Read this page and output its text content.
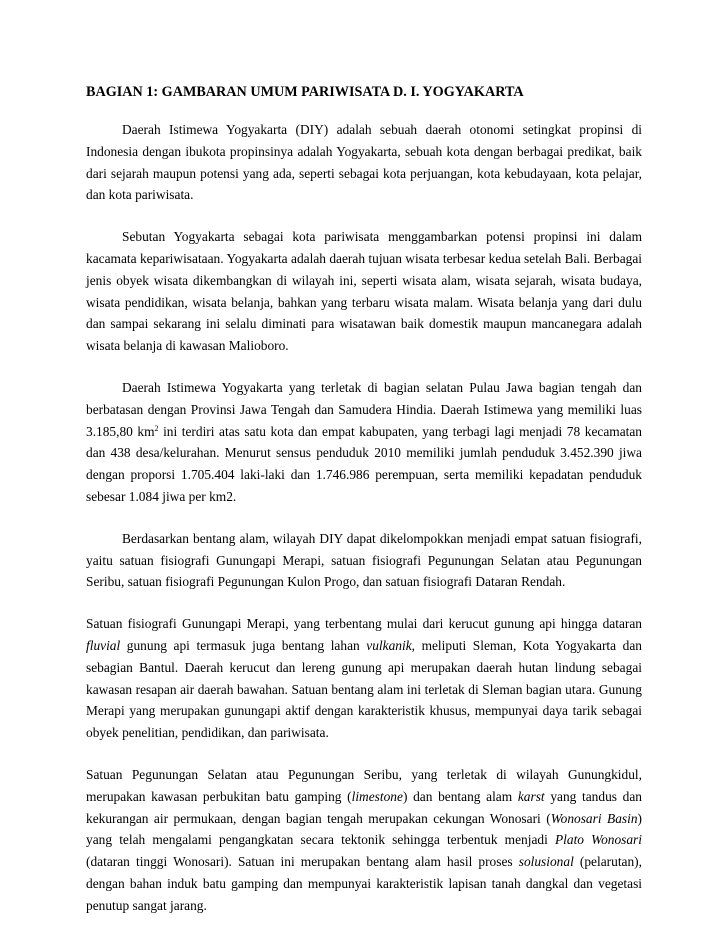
BAGIAN 1: GAMBARAN UMUM PARIWISATA D. I. YOGYAKARTA

Daerah Istimewa Yogyakarta (DIY) adalah sebuah daerah otonomi setingkat propinsi di Indonesia dengan ibukota propinsinya adalah Yogyakarta, sebuah kota dengan berbagai predikat, baik dari sejarah maupun potensi yang ada, seperti sebagai kota perjuangan, kota kebudayaan, kota pelajar, dan kota pariwisata.

Sebutan Yogyakarta sebagai kota pariwisata menggambarkan potensi propinsi ini dalam kacamata kepariwisataan. Yogyakarta adalah daerah tujuan wisata terbesar kedua setelah Bali. Berbagai jenis obyek wisata dikembangkan di wilayah ini, seperti wisata alam, wisata sejarah, wisata budaya, wisata pendidikan, wisata belanja, bahkan yang terbaru wisata malam. Wisata belanja yang dari dulu dan sampai sekarang ini selalu diminati para wisatawan baik domestik maupun mancanegara adalah wisata belanja di kawasan Malioboro.

Daerah Istimewa Yogyakarta yang terletak di bagian selatan Pulau Jawa bagian tengah dan berbatasan dengan Provinsi Jawa Tengah dan Samudera Hindia. Daerah Istimewa yang memiliki luas 3.185,80 $km^2$ ini terdiri atas satu kota dan empat kabupaten, yang terbagi lagi menjadi 78 kecamatan dan 438 desa/kelurahan. Menurut sensus penduduk 2010 memiliki jumlah penduduk 3.452.390 jiwa dengan proporsi 1.705.404 laki-laki dan 1.746.986 perempuan, serta memiliki kepadatan penduduk sebesar 1.084 jiwa per km2.

Berdasarkan bentang alam, wilayah DIY dapat dikelompokkan menjadi empat satuan fisiografi, yaitu satuan fisiografi Gunungapi Merapi, satuan fisiografi Pegunungan Selatan atau Pegunungan Seribu, satuan fisiografi Pegunungan Kulon Progo, dan satuan fisiografi Dataran Rendah.

Satuan fisiografi Gunungapi Merapi, yang terbentang mulai dari kerucut gunung api hingga dataran fluvial gunung api termasuk juga bentang lahan vulkanik, meliputi Sleman, Kota Yogyakarta dan sebagian Bantul. Daerah kerucut dan lereng gunung api merupakan daerah hutan lindung sebagai kawasan resapan air daerah bawahan. Satuan bentang alam ini terletak di Sleman bagian utara. Gunung Merapi yang merupakan gunungapi aktif dengan karakteristik khusus, mempunyai daya tarik sebagai obyek penelitian, pendidikan, dan pariwisata.

Satuan Pegunungan Selatan atau Pegunungan Seribu, yang terletak di wilayah Gunungkidul, merupakan kawasan perbukitan batu gamping (limestone) dan bentang alam karst yang tandus dan kekurangan air permukaan, dengan bagian tengah merupakan cekungan Wonosari (Wonosari Basin) yang telah mengalami pengangkatan secara tektonik sehingga terbentuk menjadi Plato Wonosari (dataran tinggi Wonosari). Satuan ini merupakan bentang alam hasil proses solusional (pelarutan), dengan bahan induk batu gamping dan mempunyai karakteristik lapisan tanah dangkal dan vegetasi penutup sangat jarang.
